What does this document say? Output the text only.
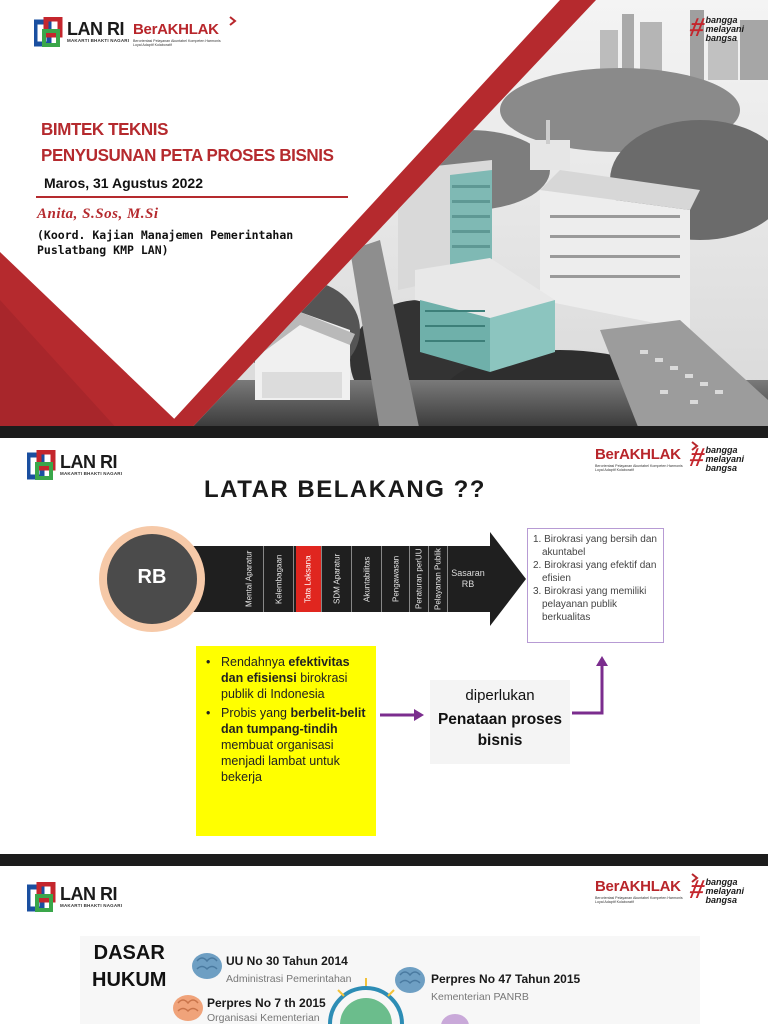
LAN RI
MAKARTI BHAKTI NAGARI
BerAKHLAK
Berorientasi Pelayanan Akuntabel Kompeten Harmonis Loyal Adaptif Kolaboratif
#
bangga
melayani
bangsa
BIMTEK TEKNIS
PENYUSUNAN PETA PROSES BISNIS
Maros, 31 Agustus 2022
Anita, S.Sos, M.Si
(Koord. Kajian Manajemen Pemerintahan
Puslatbang KMP LAN)
LAN RI
MAKARTI BHAKTI NAGARI
BerAKHLAK
Berorientasi Pelayanan Akuntabel Kompeten Harmonis Loyal Adaptif Kolaboratif	#
bangga
melayani
bangsa
LATAR BELAKANG ??
RB	Mental Aparatur	Kelembagaan	Tata Laksana	SDM Aparatur	Akuntabilitas	Pengawasan	Peraturan perUU	Pelayanan Publik Sasaran RB
1. Birokrasi yang bersih dan akuntabel
2. Birokrasi yang efektif dan efisien
3. Birokrasi yang memiliki pelayanan publik berkualitas
• Rendahnya efektivitas dan efisiensi birokrasi publik di Indonesia
• Probis yang berbelit-belit dan tumpang-tindih membuat organisasi menjadi lambat untuk bekerja
diperlukan
Penataan proses bisnis
LAN RI
MAKARTI BHAKTI NAGARI
BerAKHLAK
Berorientasi Pelayanan Akuntabel Kompeten Harmonis Loyal Adaptif Kolaboratif	#
bangga
melayani
bangsa
DASAR
HUKUM
UU No 30 Tahun 2014
Administrasi Pemerintahan	Perpres No 47 Tahun 2015
Kementerian PANRB
Perpres No 7 th 2015
Organisasi Kementerian
